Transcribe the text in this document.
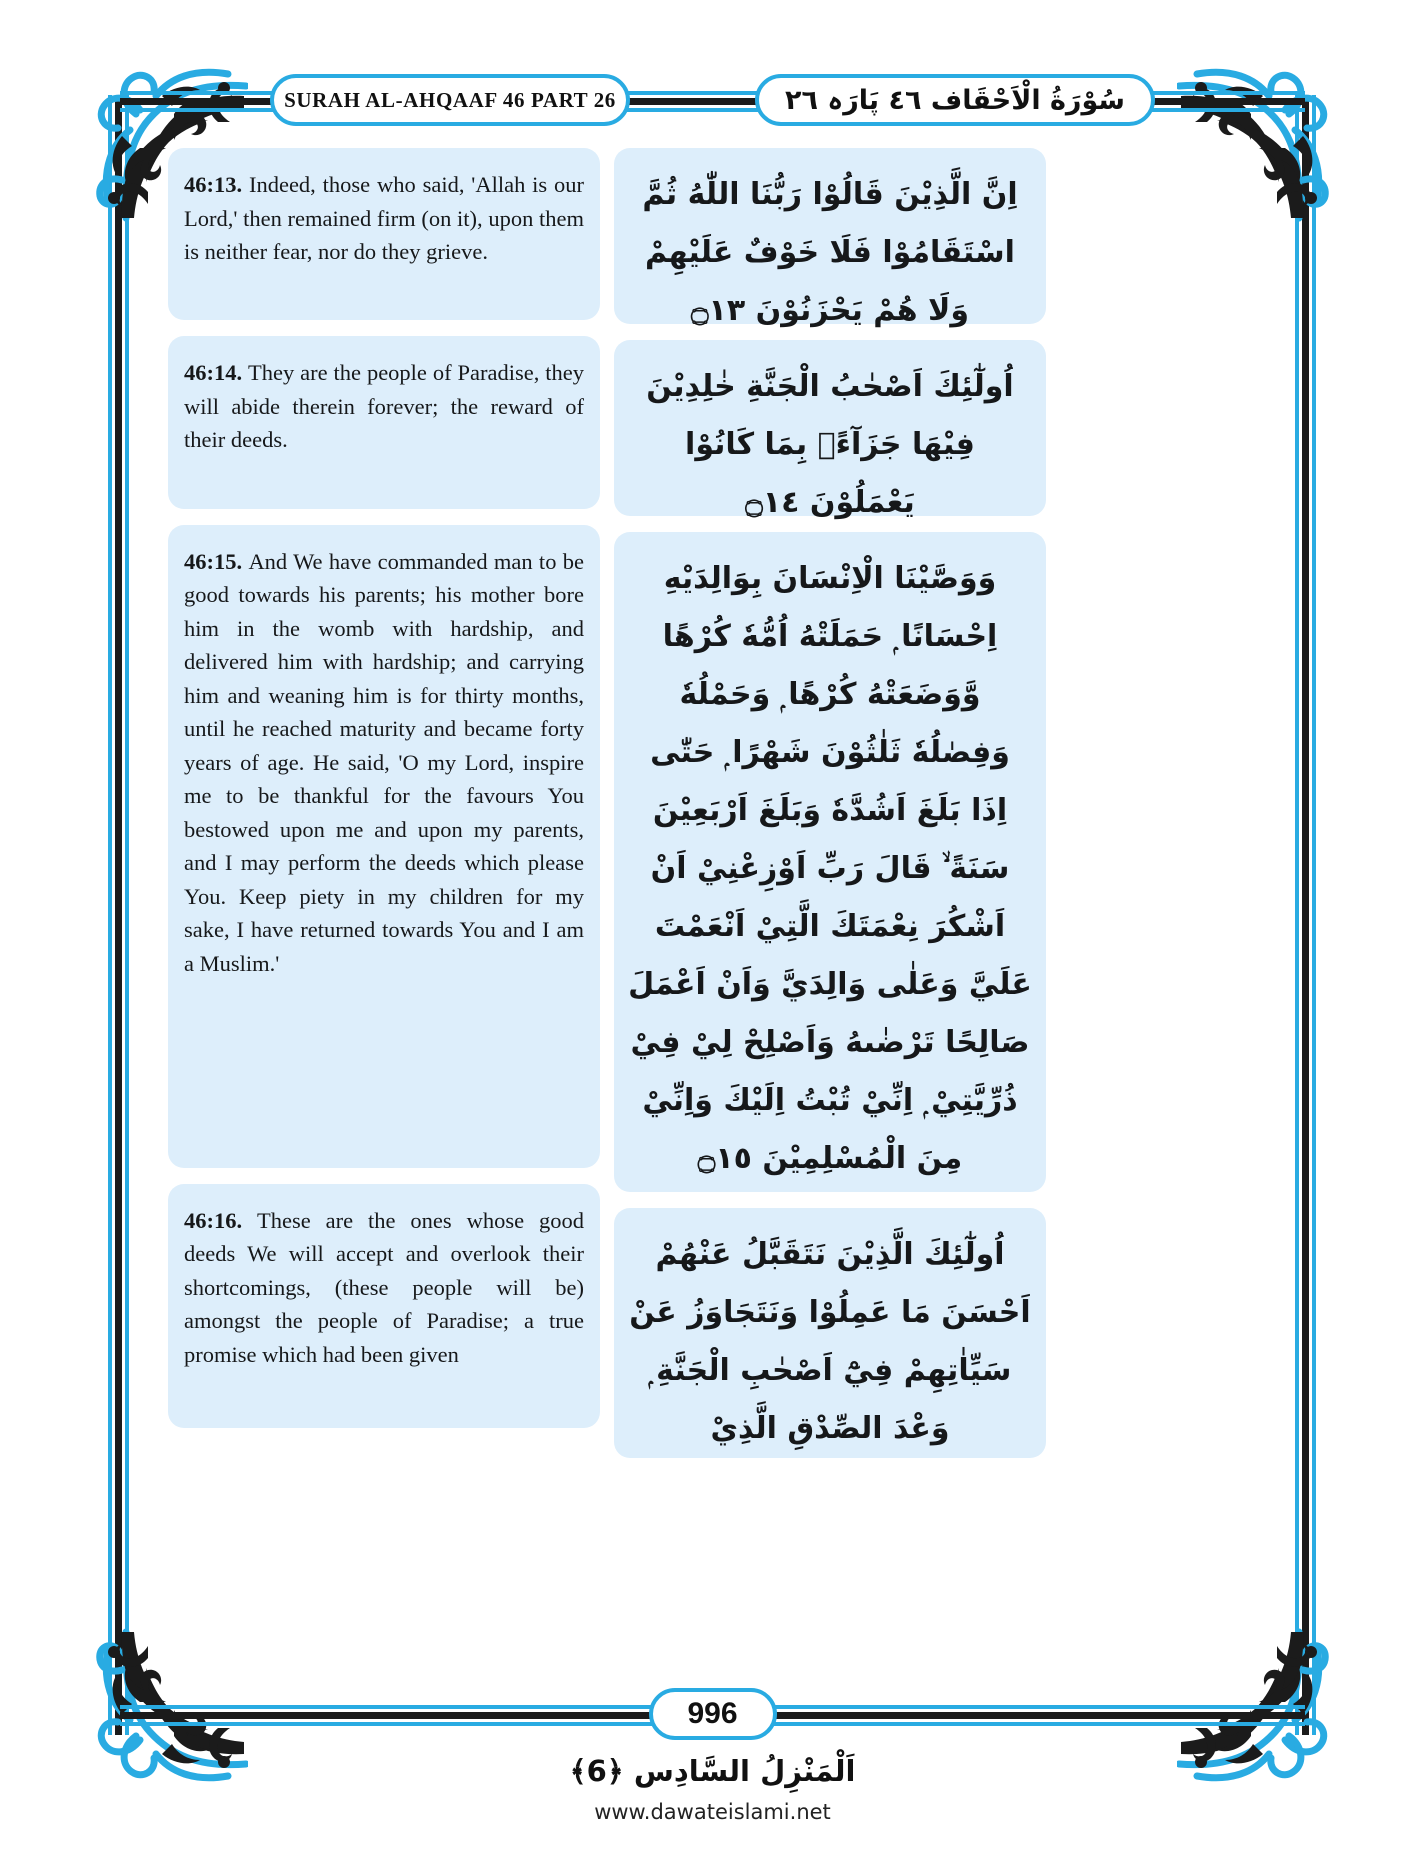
SURAH AL-AHQAAF 46 PART 26	سُوْرَةُ الْاَحْقَاف ٤٦ پَارَہ ٢٦
996
اَلْمَنْزِلُ السَّادِس ﴿6﴾
www.dawateislami.net
46:13. Indeed, those who said, 'Allah is our Lord,' then remained firm (on it), upon them is neither fear, nor do they grieve.
46:14. They are the people of Paradise, they will abide therein forever; the reward of their deeds.
46:15. And We have commanded man to be good towards his parents; his mother bore him in the womb with hardship, and delivered him with hardship; and carrying him and weaning him is for thirty months, until he reached maturity and became forty years of age. He said, 'O my Lord, inspire me to be thankful for the favours You bestowed upon me and upon my parents, and I may perform the deeds which please You. Keep piety in my children for my sake, I have returned towards You and I am a Muslim.'
46:16. These are the ones whose good deeds We will accept and overlook their shortcomings, (these people will be) amongst the people of Paradise; a true promise which had been given
اِنَّ الَّذِيْنَ قَالُوْا رَبُّنَا اللّٰهُ ثُمَّ اسْتَقَامُوْا فَلَا خَوْفٌ عَلَيْهِمْ وَلَا هُمْ يَحْزَنُوْنَ ۝١٣
اُولٰٓئِكَ اَصْحٰبُ الْجَنَّةِ خٰلِدِيْنَ فِيْهَا جَزَآءًۢ بِمَا كَانُوْا يَعْمَلُوْنَ ۝١٤
وَوَصَّيْنَا الْاِنْسَانَ بِوَالِدَيْهِ اِحْسَانًا ۭ حَمَلَتْهُ اُمُّهٗ كُرْهًا وَّوَضَعَتْهُ كُرْهًا ۭ وَحَمْلُهٗ وَفِصٰلُهٗ ثَلٰثُوْنَ شَهْرًا ۭ حَتّٰى اِذَا بَلَغَ اَشُدَّهٗ وَبَلَغَ اَرْبَعِيْنَ سَنَةً ۙ قَالَ رَبِّ اَوْزِعْنِيْ اَنْ اَشْكُرَ نِعْمَتَكَ الَّتِيْ اَنْعَمْتَ عَلَيَّ وَعَلٰى وَالِدَيَّ وَاَنْ اَعْمَلَ صَالِحًا تَرْضٰىهُ وَاَصْلِحْ لِيْ فِيْ ذُرِّيَّتِيْ ۭ اِنِّيْ تُبْتُ اِلَيْكَ وَاِنِّيْ مِنَ الْمُسْلِمِيْنَ ۝١٥
اُولٰٓئِكَ الَّذِيْنَ نَتَقَبَّلُ عَنْهُمْ اَحْسَنَ مَا عَمِلُوْا وَنَتَجَاوَزُ عَنْ سَيِّاٰتِهِمْ فِيْٓ اَصْحٰبِ الْجَنَّةِ ۭ وَعْدَ الصِّدْقِ الَّذِيْ
